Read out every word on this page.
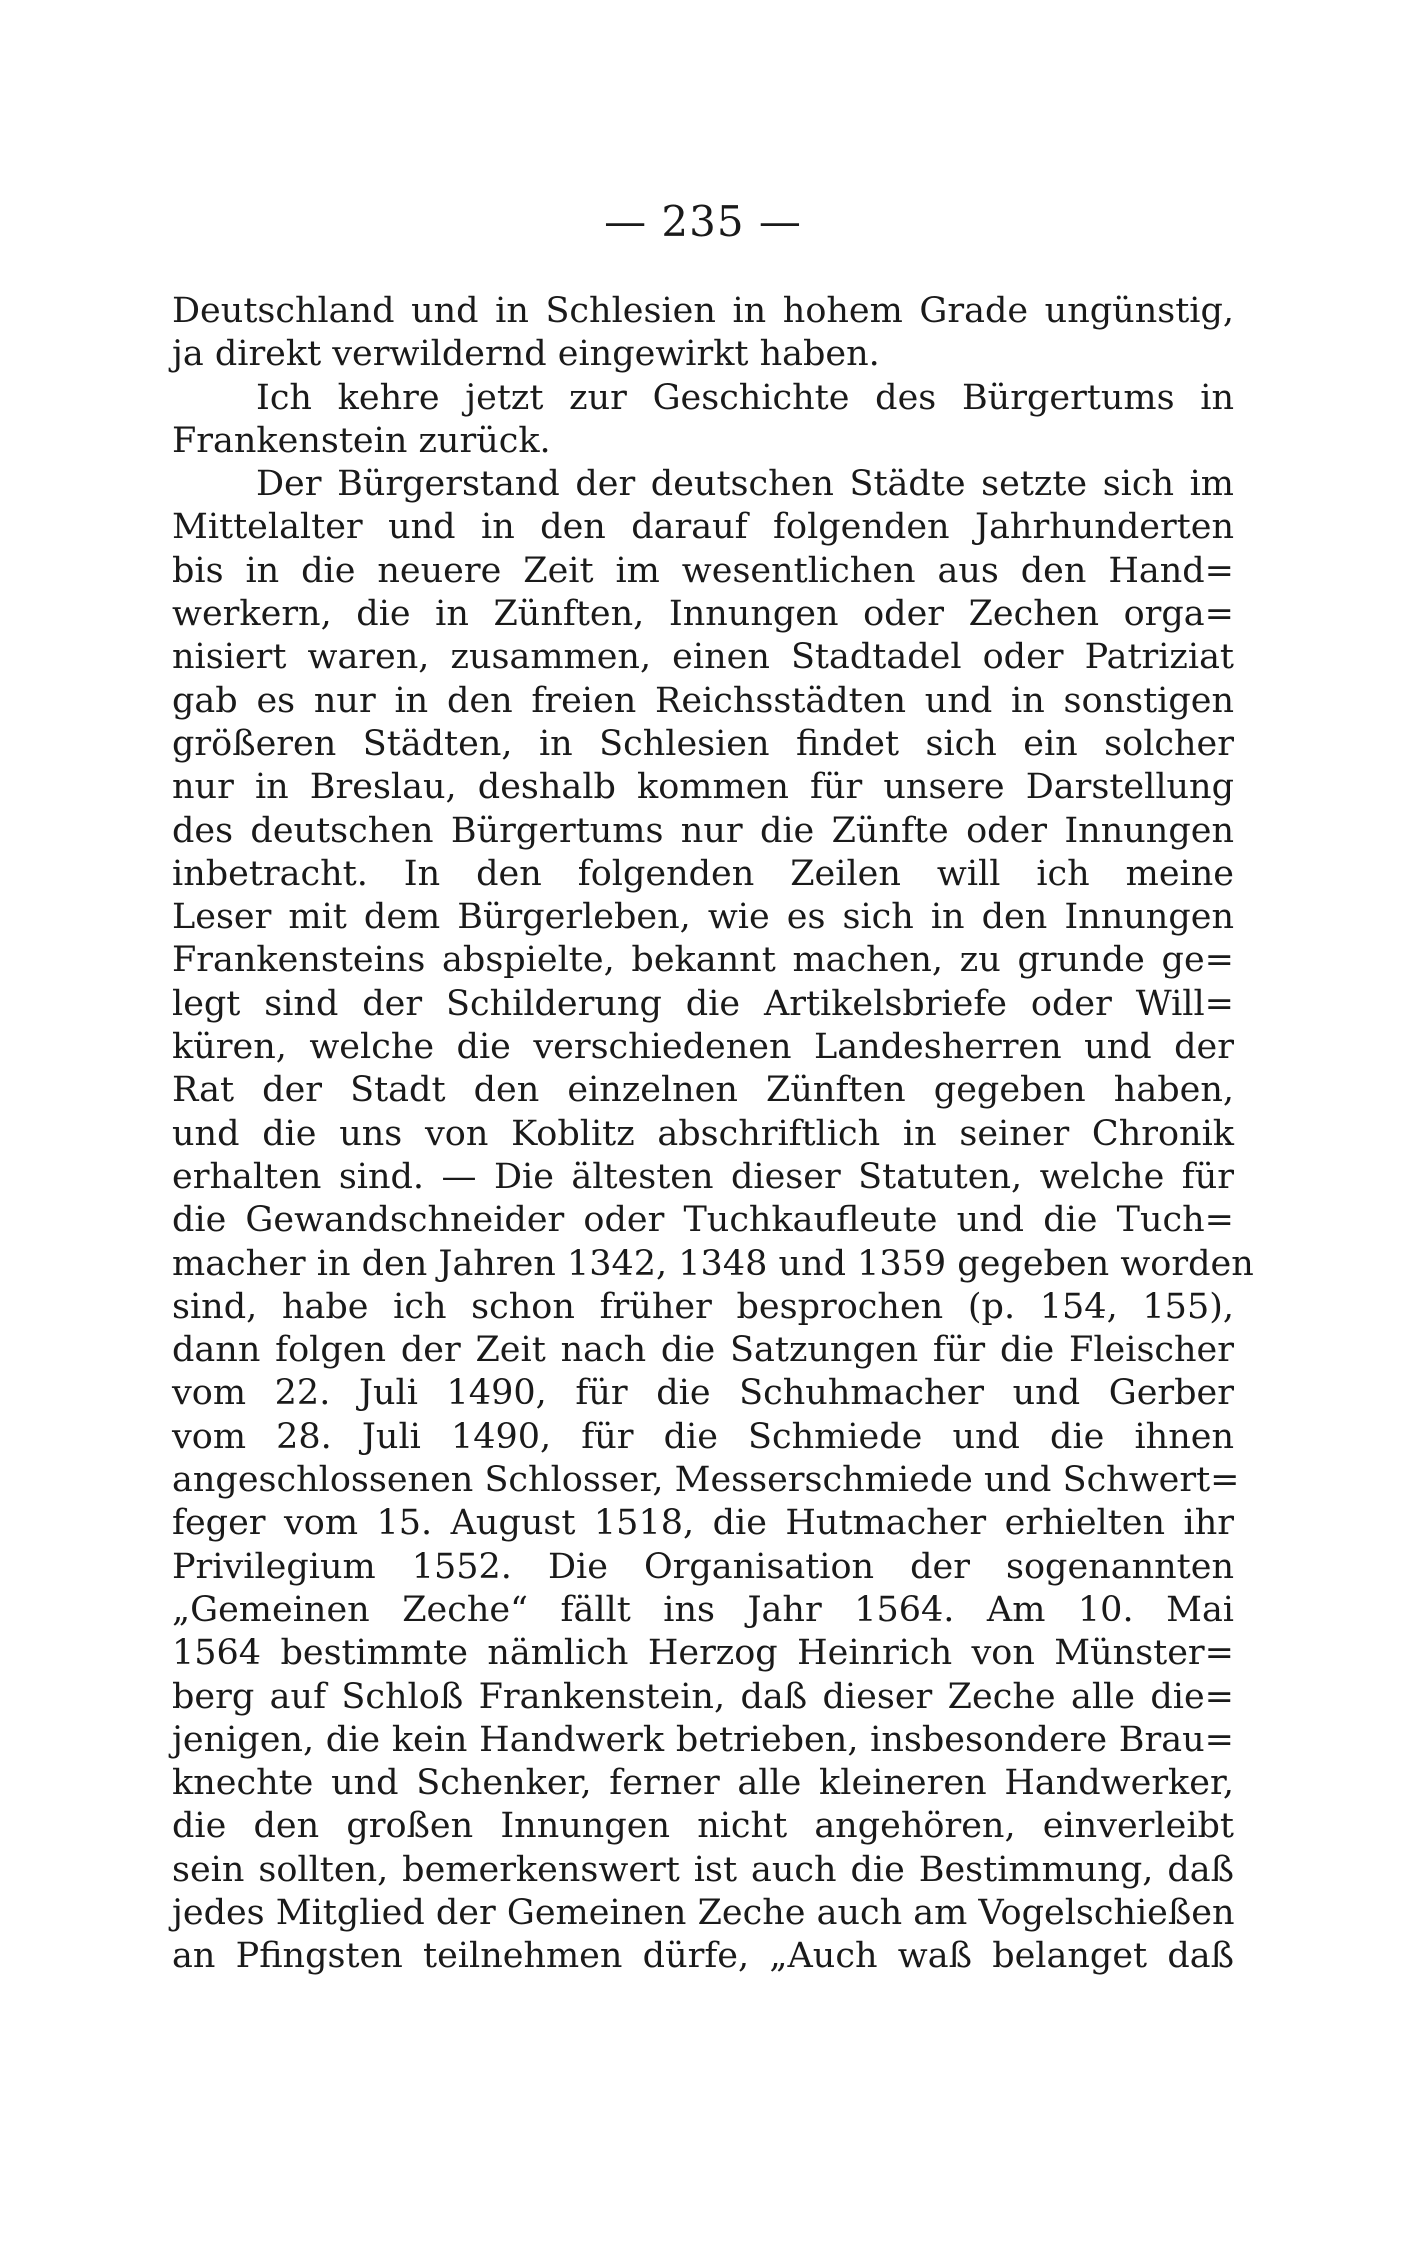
— 235 —
Deutschland und in Schlesien in hohem Grade ungünstig,
ja direkt verwildernd eingewirkt haben.
Ich kehre jetzt zur Geschichte des Bürgertums in
Frankenstein zurück.
Der Bürgerstand der deutschen Städte setzte sich im
Mittelalter und in den darauf folgenden Jahrhunderten
bis in die neuere Zeit im wesentlichen aus den Hand=
werkern, die in Zünften, Innungen oder Zechen orga=
nisiert waren, zusammen, einen Stadtadel oder Patriziat
gab es nur in den freien Reichsstädten und in sonstigen
größeren Städten, in Schlesien findet sich ein solcher
nur in Breslau, deshalb kommen für unsere Darstellung
des deutschen Bürgertums nur die Zünfte oder Innungen
inbetracht. In den folgenden Zeilen will ich meine
Leser mit dem Bürgerleben, wie es sich in den Innungen
Frankensteins abspielte, bekannt machen, zu grunde ge=
legt sind der Schilderung die Artikelsbriefe oder Will=
küren, welche die verschiedenen Landesherren und der
Rat der Stadt den einzelnen Zünften gegeben haben,
und die uns von Koblitz abschriftlich in seiner Chronik
erhalten sind. — Die ältesten dieser Statuten, welche für
die Gewandschneider oder Tuchkaufleute und die Tuch=
macher in den Jahren 1342, 1348 und 1359 gegeben worden
sind, habe ich schon früher besprochen (p. 154, 155),
dann folgen der Zeit nach die Satzungen für die Fleischer
vom 22. Juli 1490, für die Schuhmacher und Gerber
vom 28. Juli 1490, für die Schmiede und die ihnen
angeschlossenen Schlosser, Messerschmiede und Schwert=
feger vom 15. August 1518, die Hutmacher erhielten ihr
Privilegium 1552. Die Organisation der sogenannten
„Gemeinen Zeche“ fällt ins Jahr 1564. Am 10. Mai
1564 bestimmte nämlich Herzog Heinrich von Münster=
berg auf Schloß Frankenstein, daß dieser Zeche alle die=
jenigen, die kein Handwerk betrieben, insbesondere Brau=
knechte und Schenker, ferner alle kleineren Handwerker,
die den großen Innungen nicht angehören, einverleibt
sein sollten, bemerkenswert ist auch die Bestimmung, daß
jedes Mitglied der Gemeinen Zeche auch am Vogelschießen
an Pfingsten teilnehmen dürfe, „Auch waß belanget daß
